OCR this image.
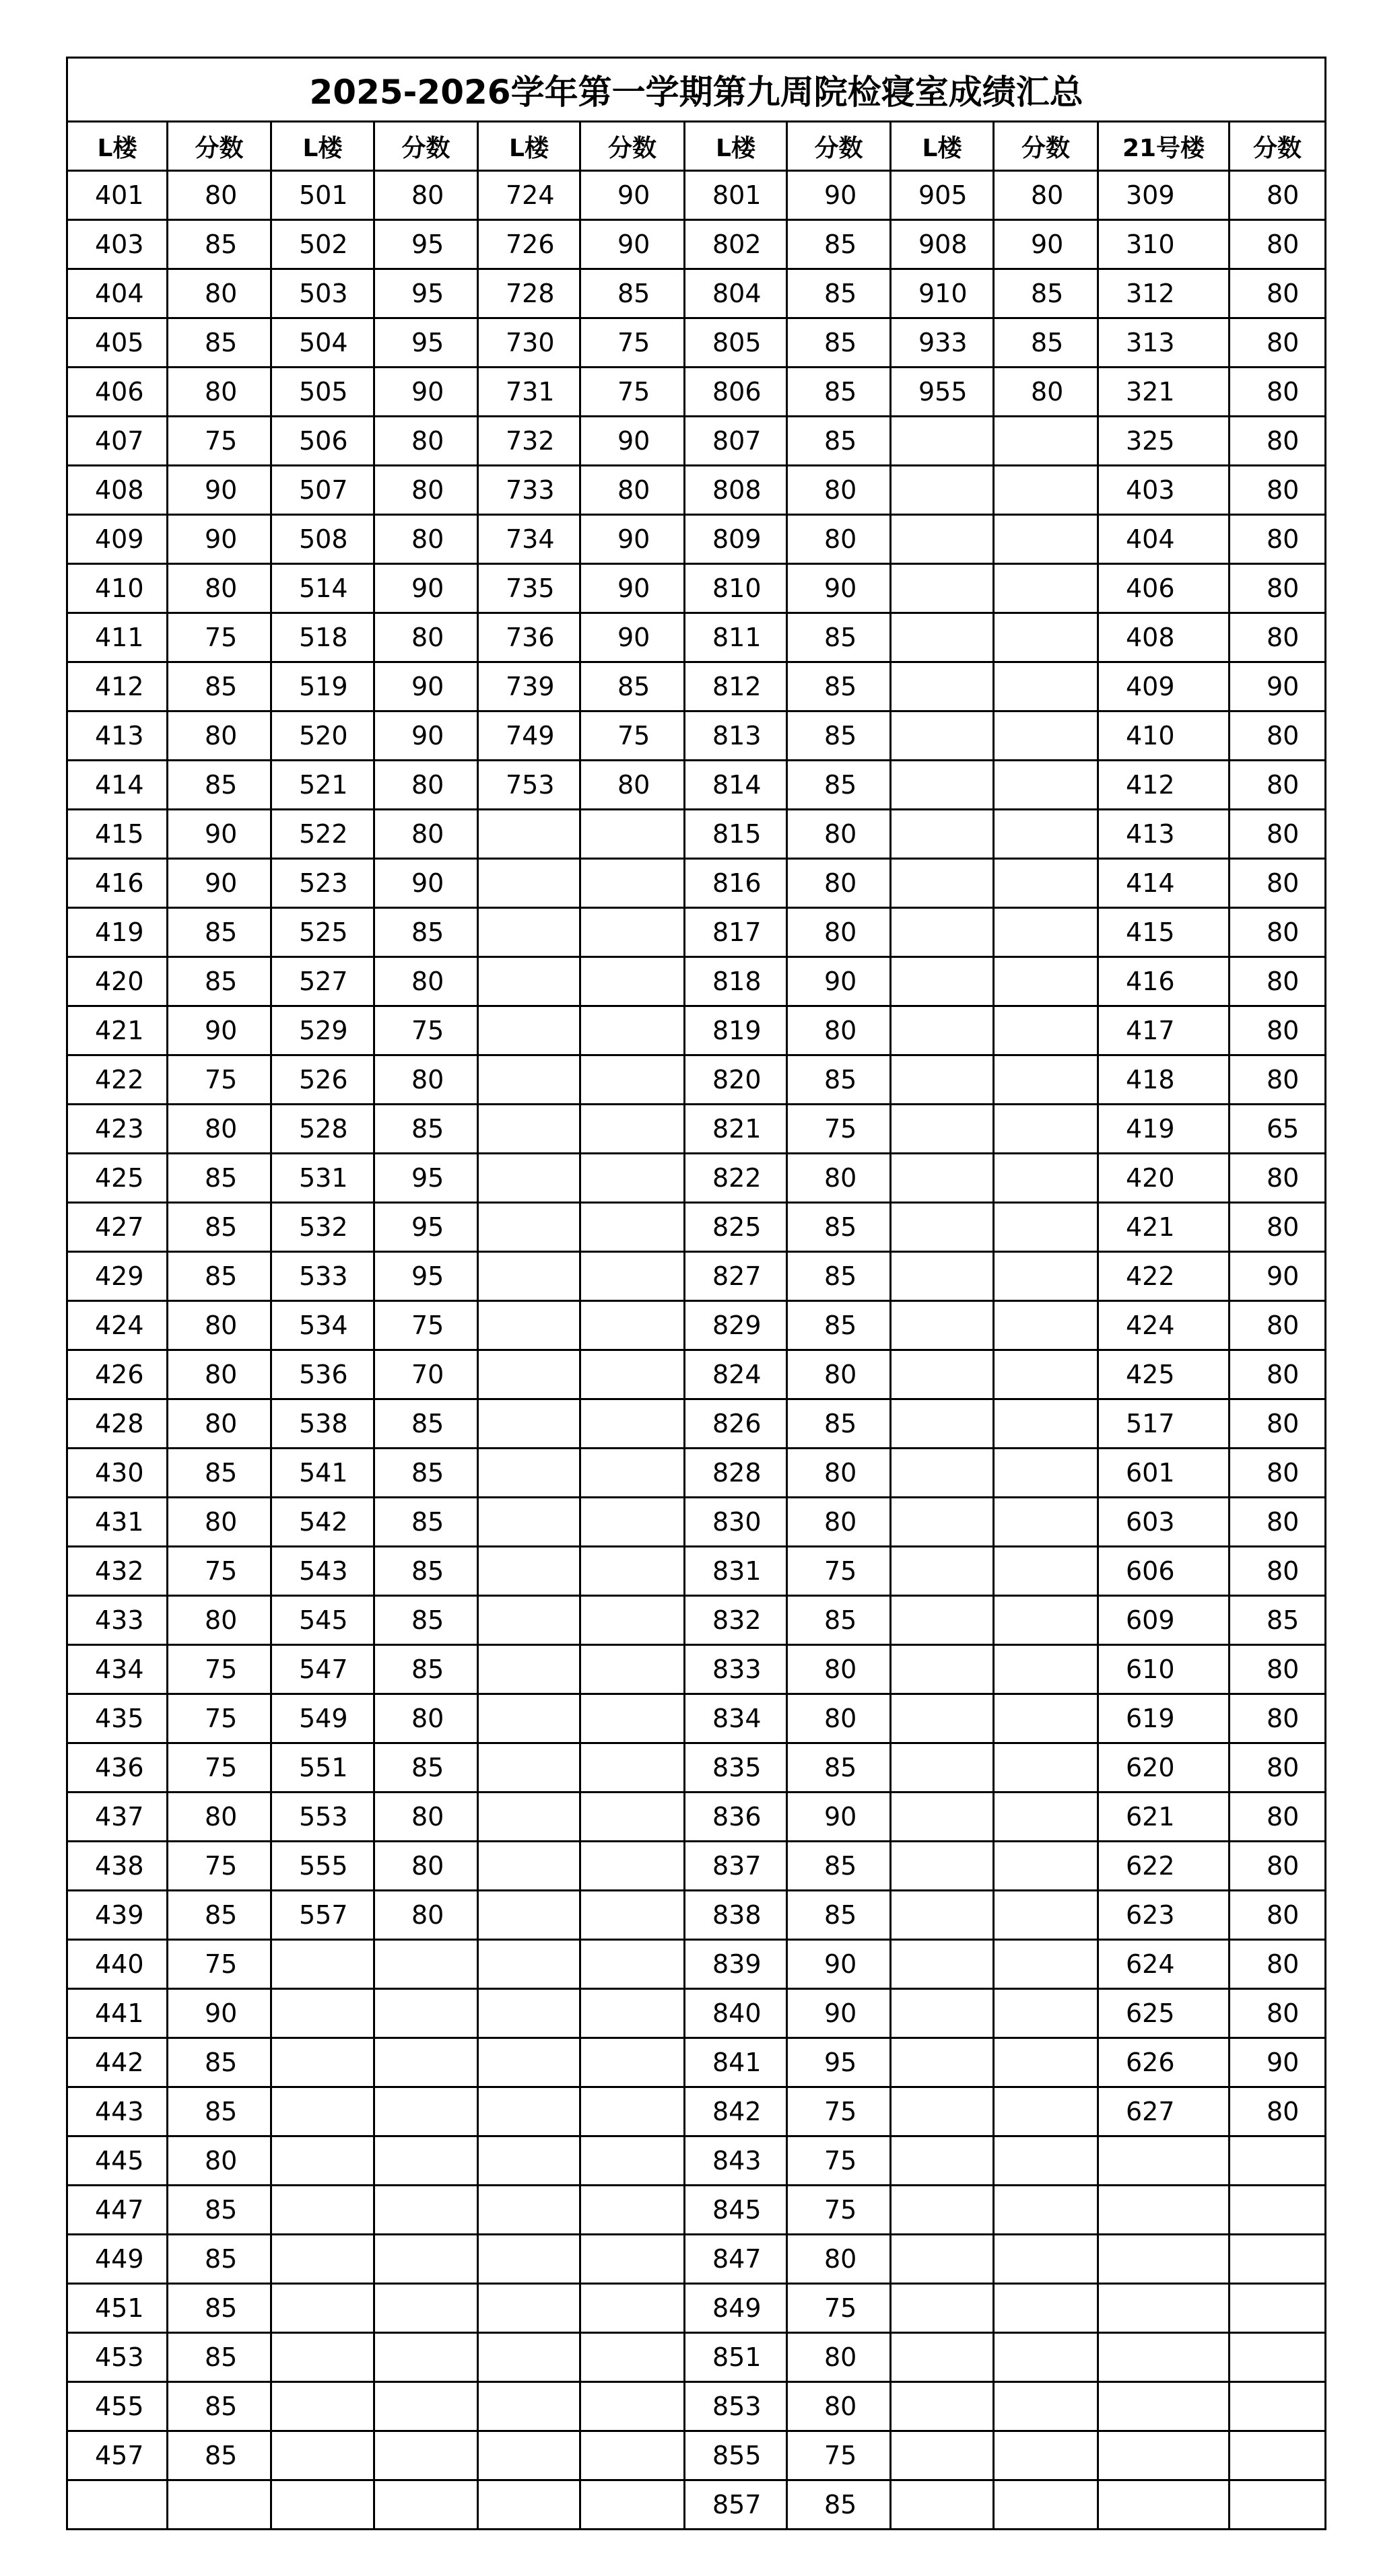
2025-2026学年第一学期第九周院检寝室成绩汇总											
L楼	分数	L楼	分数	L楼	分数	L楼	分数	L楼	分数	21号楼	分数
401	80	501	80	724	90	801	90	905	80	309	80
403	85	502	95	726	90	802	85	908	90	310	80
404	80	503	95	728	85	804	85	910	85	312	80
405	85	504	95	730	75	805	85	933	85	313	80
406	80	505	90	731	75	806	85	955	80	321	80
407	75	506	80	732	90	807	85			325	80
408	90	507	80	733	80	808	80			403	80
409	90	508	80	734	90	809	80			404	80
410	80	514	90	735	90	810	90			406	80
411	75	518	80	736	90	811	85			408	80
412	85	519	90	739	85	812	85			409	90
413	80	520	90	749	75	813	85			410	80
414	85	521	80	753	80	814	85			412	80
415	90	522	80			815	80			413	80
416	90	523	90			816	80			414	80
419	85	525	85			817	80			415	80
420	85	527	80			818	90			416	80
421	90	529	75			819	80			417	80
422	75	526	80			820	85			418	80
423	80	528	85			821	75			419	65
425	85	531	95			822	80			420	80
427	85	532	95			825	85			421	80
429	85	533	95			827	85			422	90
424	80	534	75			829	85			424	80
426	80	536	70			824	80			425	80
428	80	538	85			826	85			517	80
430	85	541	85			828	80			601	80
431	80	542	85			830	80			603	80
432	75	543	85			831	75			606	80
433	80	545	85			832	85			609	85
434	75	547	85			833	80			610	80
435	75	549	80			834	80			619	80
436	75	551	85			835	85			620	80
437	80	553	80			836	90			621	80
438	75	555	80			837	85			622	80
439	85	557	80			838	85			623	80
440	75					839	90			624	80
441	90					840	90			625	80
442	85					841	95			626	90
443	85					842	75			627	80
445	80					843	75				
447	85					845	75				
449	85					847	80				
451	85					849	75				
453	85					851	80				
455	85					853	80				
457	85					855	75				
						857	85				
